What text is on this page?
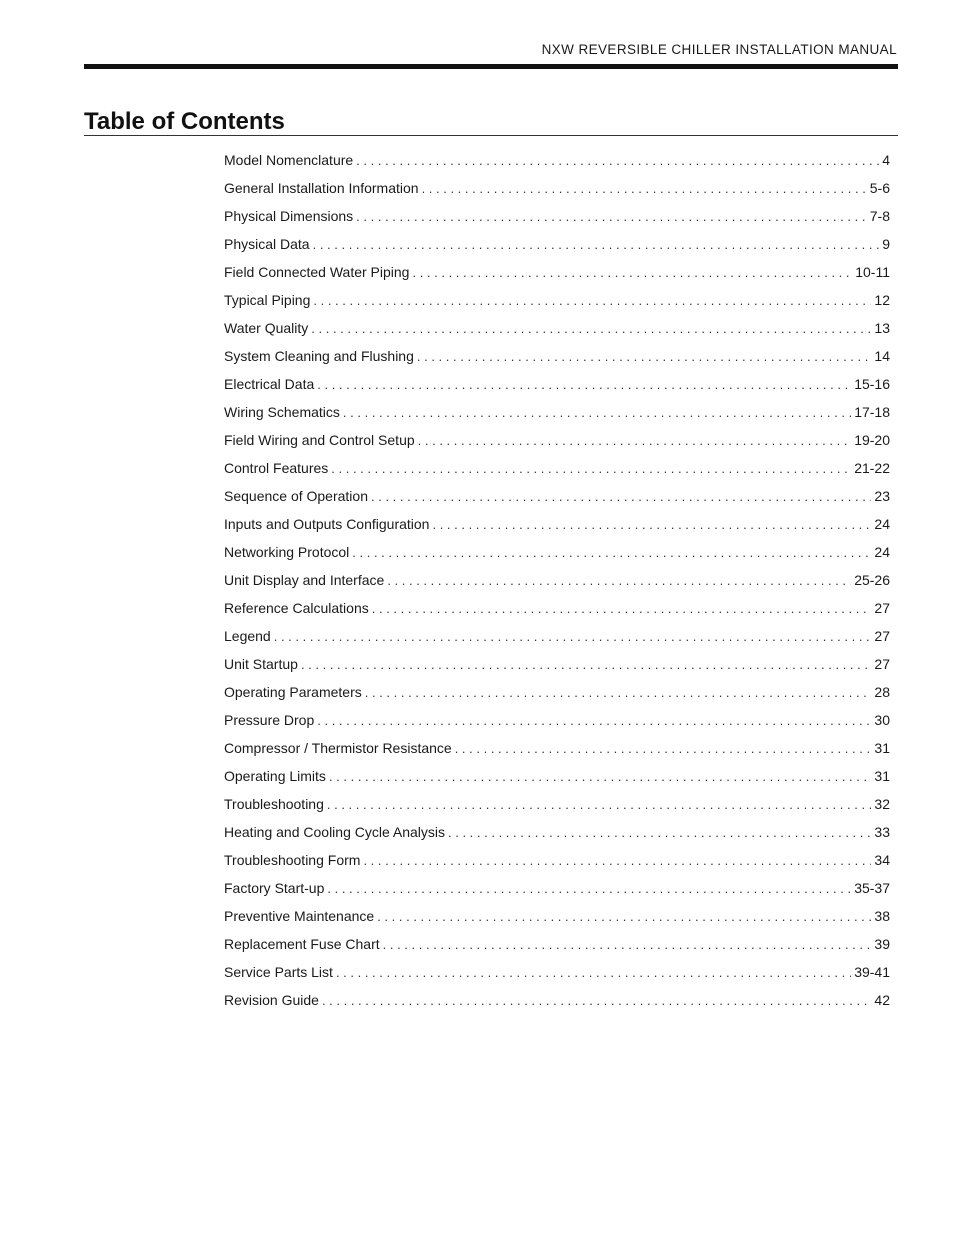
NXW REVERSIBLE CHILLER INSTALLATION MANUAL
Table of Contents
Model Nomenclature . . .	4
General Installation Information . . .	5-6
Physical Dimensions . . .	7-8
Physical Data . . .	9
Field Connected Water Piping . . .	10-11
Typical Piping . . .	12
Water Quality . . .	13
System Cleaning and Flushing . . .	14
Electrical Data . . .	15-16
Wiring Schematics . . .	17-18
Field Wiring and Control Setup . . .	19-20
Control Features . . .	21-22
Sequence of Operation . . .	23
Inputs and Outputs Configuration . . .	24
Networking Protocol . . .	24
Unit Display and Interface . . .	25-26
Reference Calculations . . .	27
Legend . . .	27
Unit Startup . . .	27
Operating Parameters . . .	28
Pressure Drop . . .	30
Compressor / Thermistor Resistance . . .	31
Operating Limits . . .	31
Troubleshooting . . .	32
Heating and Cooling Cycle Analysis . . .	33
Troubleshooting Form . . .	34
Factory Start-up . . .	35-37
Preventive Maintenance . . .	38
Replacement Fuse Chart . . .	39
Service Parts List . . .	39-41
Revision Guide . . .	42
